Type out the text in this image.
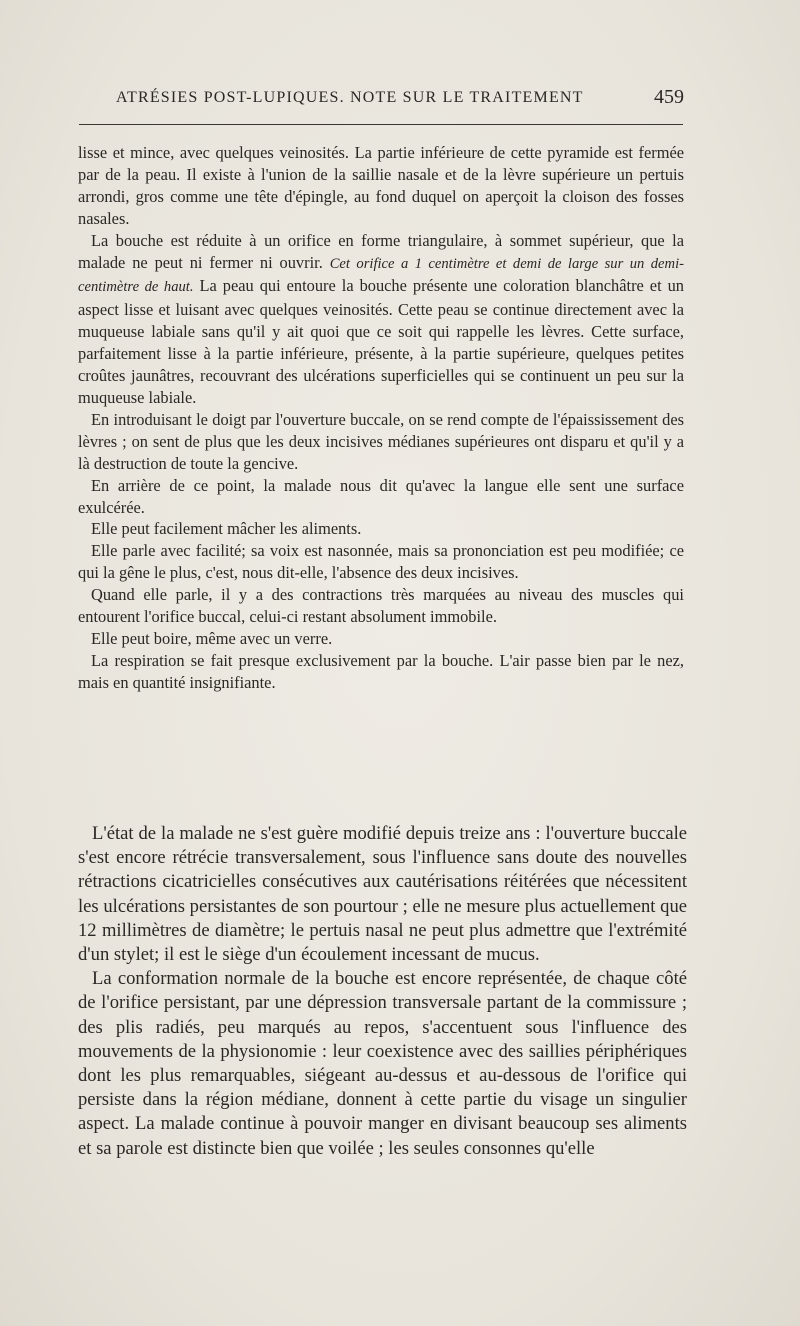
ATRÉSIES POST-LUPIQUES. NOTE SUR LE TRAITEMENT	459

lisse et mince, avec quelques veinosités. La partie inférieure de cette pyramide est fermée par de la peau. Il existe à l'union de la saillie nasale et de la lèvre supérieure un pertuis arrondi, gros comme une tête d'épingle, au fond duquel on aperçoit la cloison des fosses nasales.

La bouche est réduite à un orifice en forme triangulaire, à sommet supérieur, que la malade ne peut ni fermer ni ouvrir. Cet orifice a 1 centimètre et demi de large sur un demi-centimètre de haut. La peau qui entoure la bouche présente une coloration blanchâtre et un aspect lisse et luisant avec quelques veinosités. Cette peau se continue directement avec la muqueuse labiale sans qu'il y ait quoi que ce soit qui rappelle les lèvres. Cette surface, parfaitement lisse à la partie inférieure, présente, à la partie supérieure, quelques petites croûtes jaunâtres, recouvrant des ulcérations superficielles qui se continuent un peu sur la muqueuse labiale.

En introduisant le doigt par l'ouverture buccale, on se rend compte de l'épaississement des lèvres ; on sent de plus que les deux incisives médianes supérieures ont disparu et qu'il y a là destruction de toute la gencive.

En arrière de ce point, la malade nous dit qu'avec la langue elle sent une surface exulcérée.

Elle peut facilement mâcher les aliments.

Elle parle avec facilité; sa voix est nasonnée, mais sa prononciation est peu modifiée; ce qui la gêne le plus, c'est, nous dit-elle, l'absence des deux incisives.

Quand elle parle, il y a des contractions très marquées au niveau des muscles qui entourent l'orifice buccal, celui-ci restant absolument immobile.

Elle peut boire, même avec un verre.

La respiration se fait presque exclusivement par la bouche. L'air passe bien par le nez, mais en quantité insignifiante.

L'état de la malade ne s'est guère modifié depuis treize ans : l'ouverture buccale s'est encore rétrécie transversalement, sous l'influence sans doute des nouvelles rétractions cicatricielles consécutives aux cautérisations réitérées que nécessitent les ulcérations persistantes de son pourtour ; elle ne mesure plus actuellement que 12 millimètres de diamètre; le pertuis nasal ne peut plus admettre que l'extrémité d'un stylet; il est le siège d'un écoulement incessant de mucus.

La conformation normale de la bouche est encore représentée, de chaque côté de l'orifice persistant, par une dépression transversale partant de la commissure ; des plis radiés, peu marqués au repos, s'accentuent sous l'influence des mouvements de la physionomie : leur coexistence avec des saillies périphériques dont les plus remarquables, siégeant au-dessus et au-dessous de l'orifice qui persiste dans la région médiane, donnent à cette partie du visage un singulier aspect. La malade continue à pouvoir manger en divisant beaucoup ses aliments et sa parole est distincte bien que voilée ; les seules consonnes qu'elle
